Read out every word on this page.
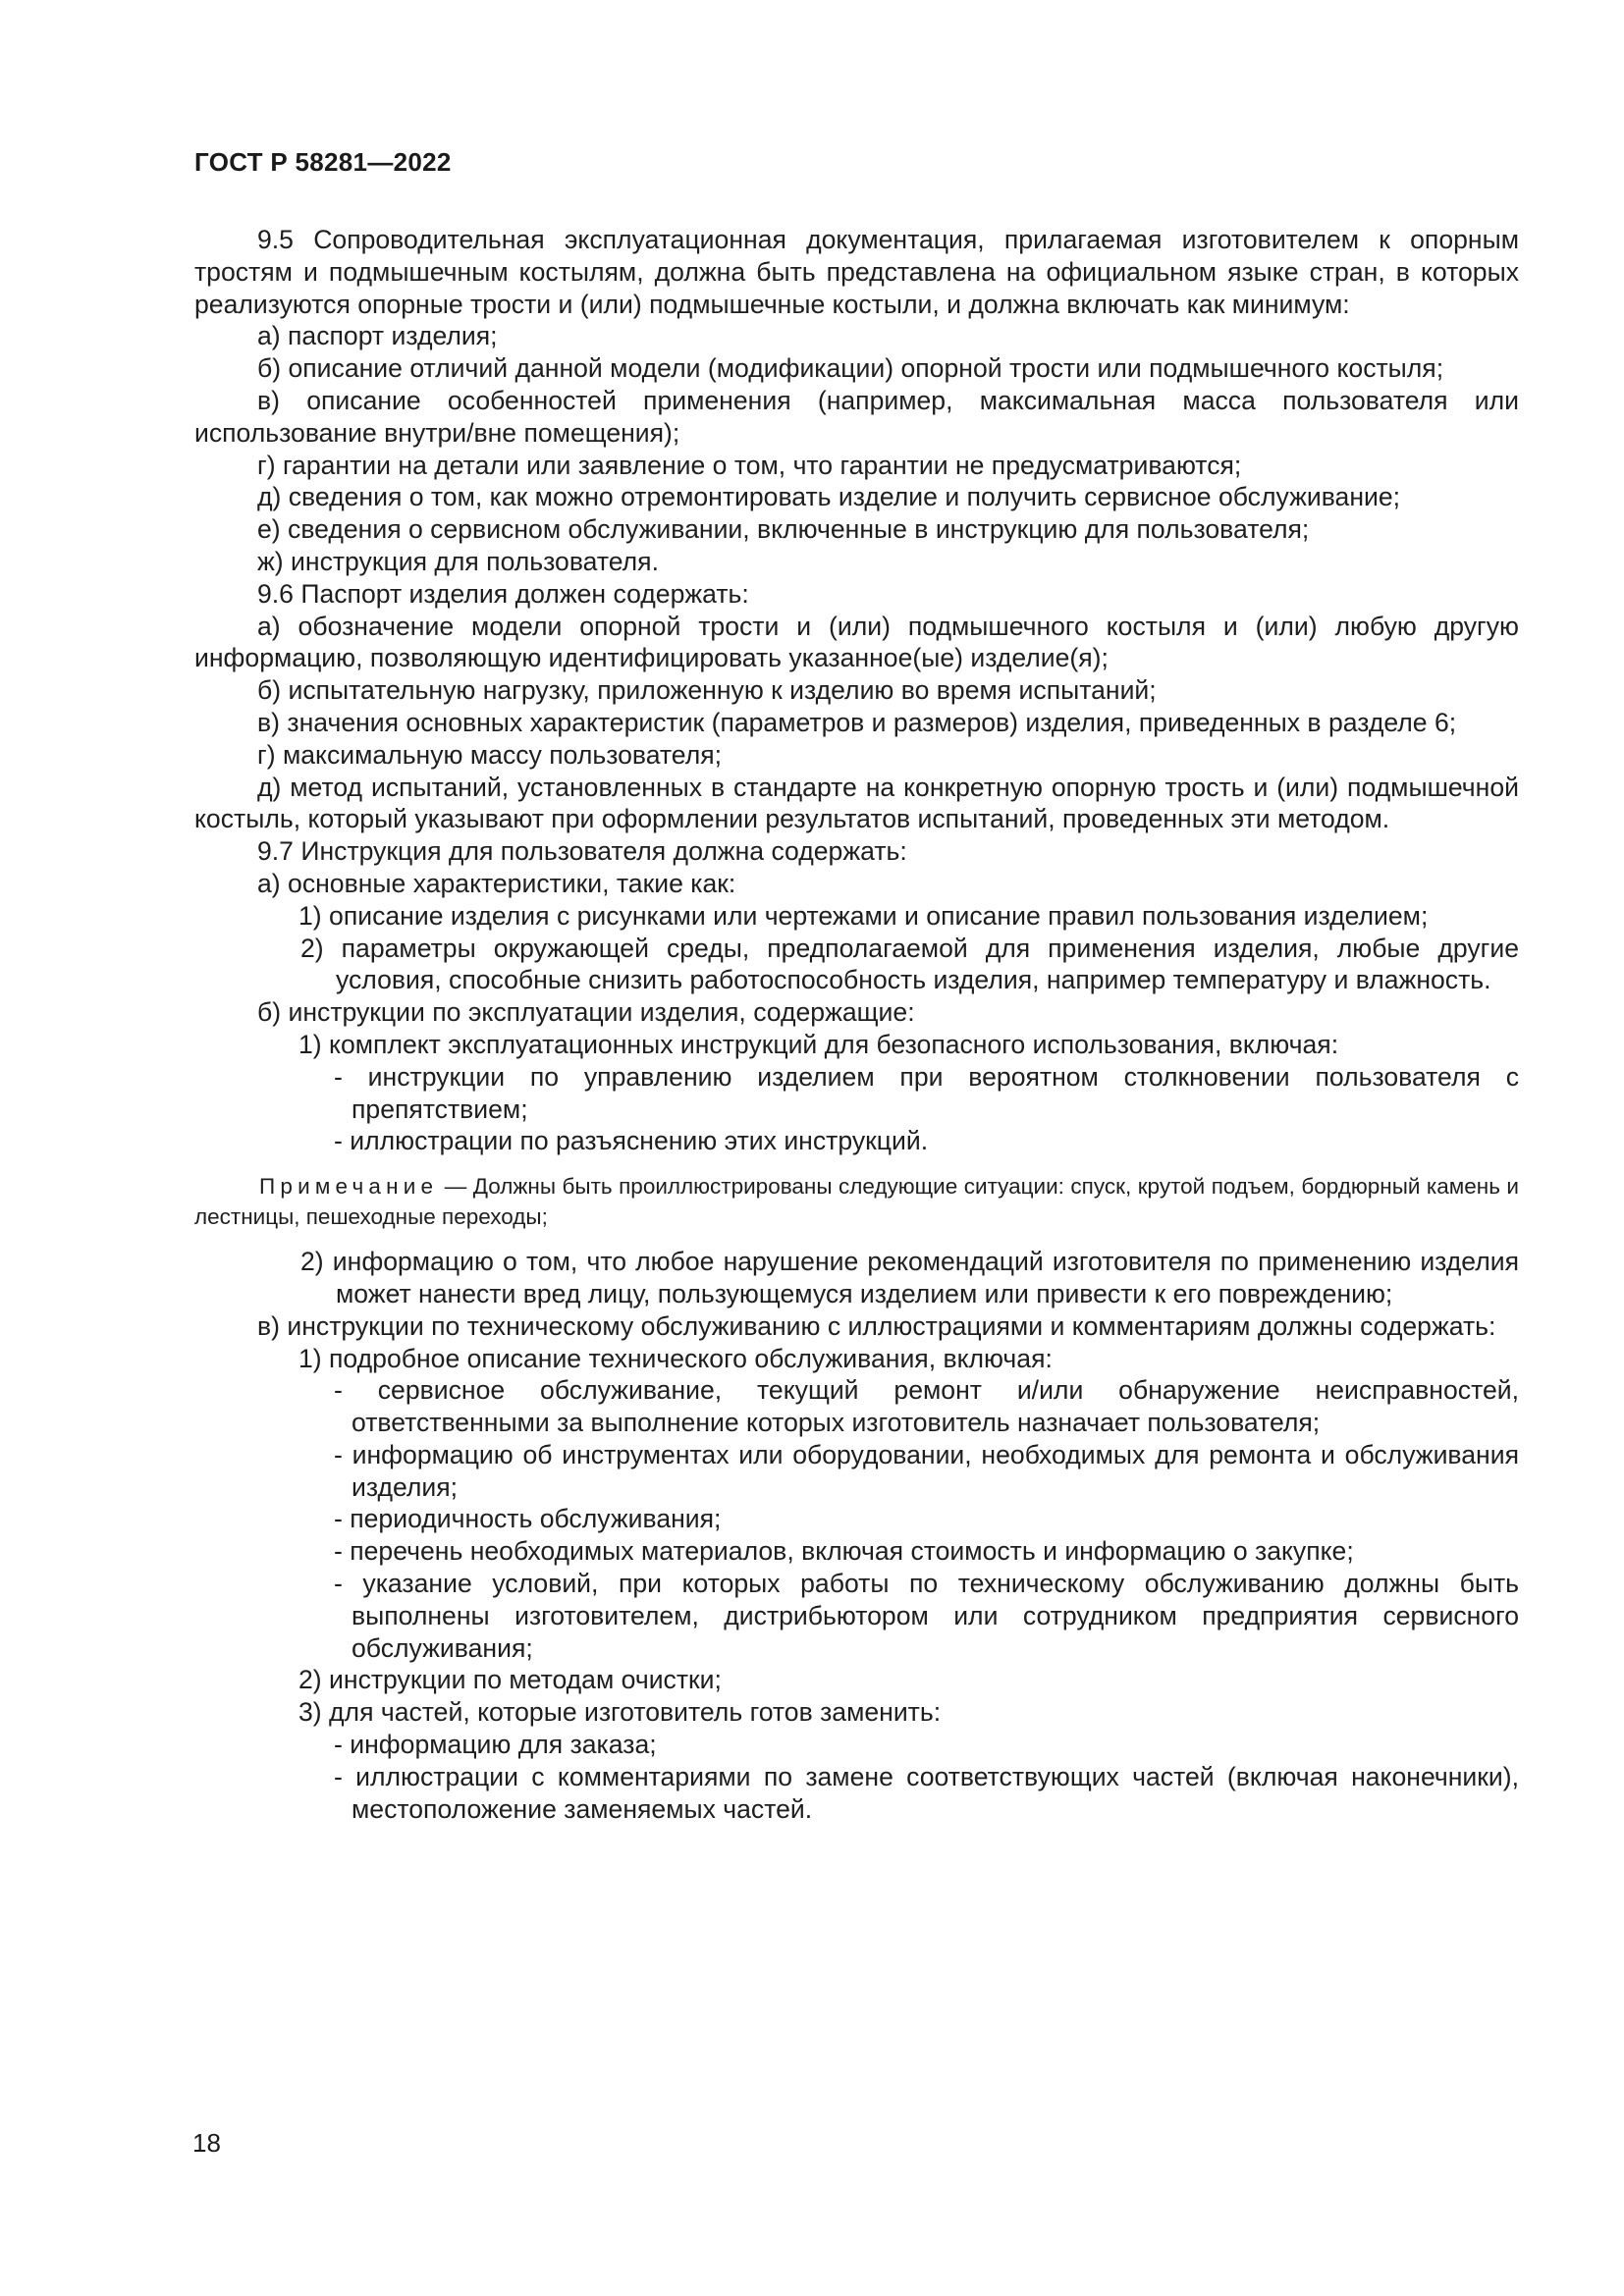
ГОСТ Р 58281—2022

9.5 Сопроводительная эксплуатационная документация, прилагаемая изготовителем к опорным тростям и подмышечным костылям, должна быть представлена на официальном языке стран, в которых реализуются опорные трости и (или) подмышечные костыли, и должна включать как минимум:

а) паспорт изделия;

б) описание отличий данной модели (модификации) опорной трости или подмышечного костыля;

в) описание особенностей применения (например, максимальная масса пользователя или использование внутри/вне помещения);

г) гарантии на детали или заявление о том, что гарантии не предусматриваются;

д) сведения о том, как можно отремонтировать изделие и получить сервисное обслуживание;

е) сведения о сервисном обслуживании, включенные в инструкцию для пользователя;

ж) инструкция для пользователя.

9.6 Паспорт изделия должен содержать:

а) обозначение модели опорной трости и (или) подмышечного костыля и (или) любую другую информацию, позволяющую идентифицировать указанное(ые) изделие(я);

б) испытательную нагрузку, приложенную к изделию во время испытаний;

в) значения основных характеристик (параметров и размеров) изделия, приведенных в разделе 6;

г) максимальную массу пользователя;

д) метод испытаний, установленных в стандарте на конкретную опорную трость и (или) подмышечной костыль, который указывают при оформлении результатов испытаний, проведенных эти методом.

9.7 Инструкция для пользователя должна содержать:

а) основные характеристики, такие как:

1) описание изделия с рисунками или чертежами и описание правил пользования изделием;

2) параметры окружающей среды, предполагаемой для применения изделия, любые другие условия, способные снизить работоспособность изделия, например температуру и влажность.

б) инструкции по эксплуатации изделия, содержащие:

1) комплект эксплуатационных инструкций для безопасного использования, включая:

- инструкции по управлению изделием при вероятном столкновении пользователя с препятствием;

- иллюстрации по разъяснению этих инструкций.

Примечание — Должны быть проиллюстрированы следующие ситуации: спуск, крутой подъем, бордюрный камень и лестницы, пешеходные переходы;

2) информацию о том, что любое нарушение рекомендаций изготовителя по применению изделия может нанести вред лицу, пользующемуся изделием или привести к его повреждению;

в) инструкции по техническому обслуживанию с иллюстрациями и комментариям должны содержать:

1) подробное описание технического обслуживания, включая:

- сервисное обслуживание, текущий ремонт и/или обнаружение неисправностей, ответственными за выполнение которых изготовитель назначает пользователя;

- информацию об инструментах или оборудовании, необходимых для ремонта и обслуживания изделия;

- периодичность обслуживания;

- перечень необходимых материалов, включая стоимость и информацию о закупке;

- указание условий, при которых работы по техническому обслуживанию должны быть выполнены изготовителем, дистрибьютором или сотрудником предприятия сервисного обслуживания;

2) инструкции по методам очистки;

3) для частей, которые изготовитель готов заменить:

- информацию для заказа;

- иллюстрации с комментариями по замене соответствующих частей (включая наконечники), местоположение заменяемых частей.

18
